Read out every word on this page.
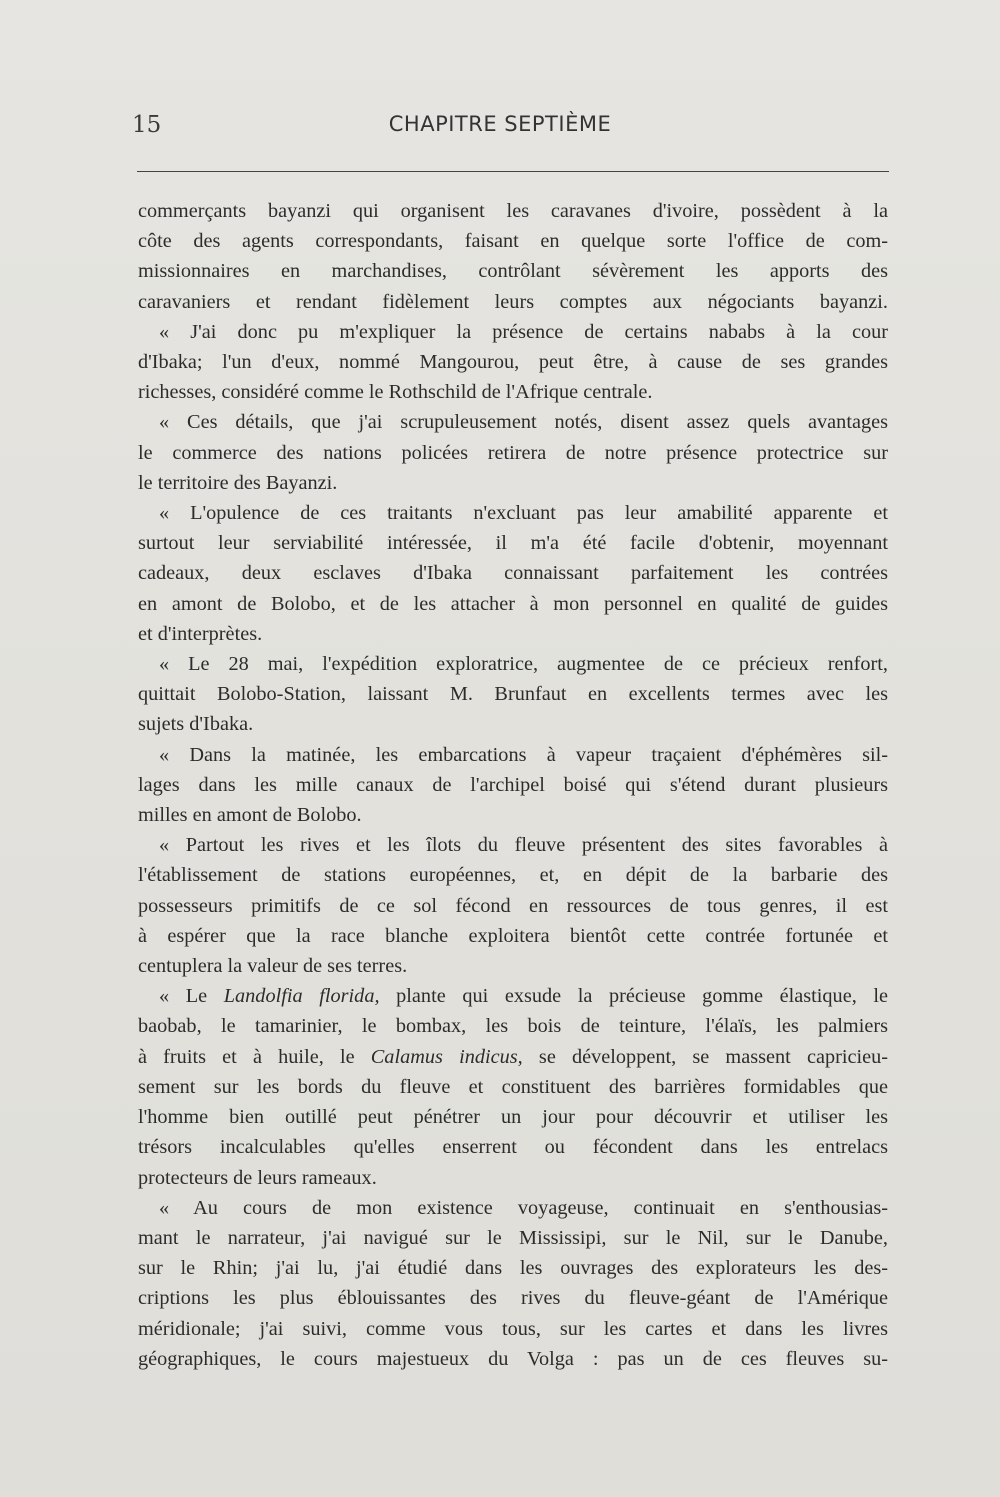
15	CHAPITRE SEPTIÈME
commerçants bayanzi qui organisent les caravanes d'ivoire, possèdent à la
côte des agents correspondants, faisant en quelque sorte l'office de com-
missionnaires en marchandises, contrôlant sévèrement les apports des
caravaniers et rendant fidèlement leurs comptes aux négociants bayanzi.
« J'ai donc pu m'expliquer la présence de certains nababs à la cour
d'Ibaka; l'un d'eux, nommé Mangourou, peut être, à cause de ses grandes
richesses, considéré comme le Rothschild de l'Afrique centrale.
« Ces détails, que j'ai scrupuleusement notés, disent assez quels avantages
le commerce des nations policées retirera de notre présence protectrice sur
le territoire des Bayanzi.
« L'opulence de ces traitants n'excluant pas leur amabilité apparente et
surtout leur serviabilité intéressée, il m'a été facile d'obtenir, moyennant
cadeaux, deux esclaves d'Ibaka connaissant parfaitement les contrées
en amont de Bolobo, et de les attacher à mon personnel en qualité de guides
et d'interprètes.
« Le 28 mai, l'expédition exploratrice, augmentee de ce précieux renfort,
quittait Bolobo-Station, laissant M. Brunfaut en excellents termes avec les
sujets d'Ibaka.
« Dans la matinée, les embarcations à vapeur traçaient d'éphémères sil-
lages dans les mille canaux de l'archipel boisé qui s'étend durant plusieurs
milles en amont de Bolobo.
« Partout les rives et les îlots du fleuve présentent des sites favorables à
l'établissement de stations européennes, et, en dépit de la barbarie des
possesseurs primitifs de ce sol fécond en ressources de tous genres, il est
à espérer que la race blanche exploitera bientôt cette contrée fortunée et
centuplera la valeur de ses terres.
« Le Landolfia florida, plante qui exsude la précieuse gomme élastique, le
baobab, le tamarinier, le bombax, les bois de teinture, l'élaïs, les palmiers
à fruits et à huile, le Calamus indicus, se développent, se massent capricieu-
sement sur les bords du fleuve et constituent des barrières formidables que
l'homme bien outillé peut pénétrer un jour pour découvrir et utiliser les
trésors incalculables qu'elles enserrent ou fécondent dans les entrelacs
protecteurs de leurs rameaux.
« Au cours de mon existence voyageuse, continuait en s'enthousias-
mant le narrateur, j'ai navigué sur le Mississipi, sur le Nil, sur le Danube,
sur le Rhin; j'ai lu, j'ai étudié dans les ouvrages des explorateurs les des-
criptions les plus éblouissantes des rives du fleuve-géant de l'Amérique
méridionale; j'ai suivi, comme vous tous, sur les cartes et dans les livres
géographiques, le cours majestueux du Volga : pas un de ces fleuves su-
